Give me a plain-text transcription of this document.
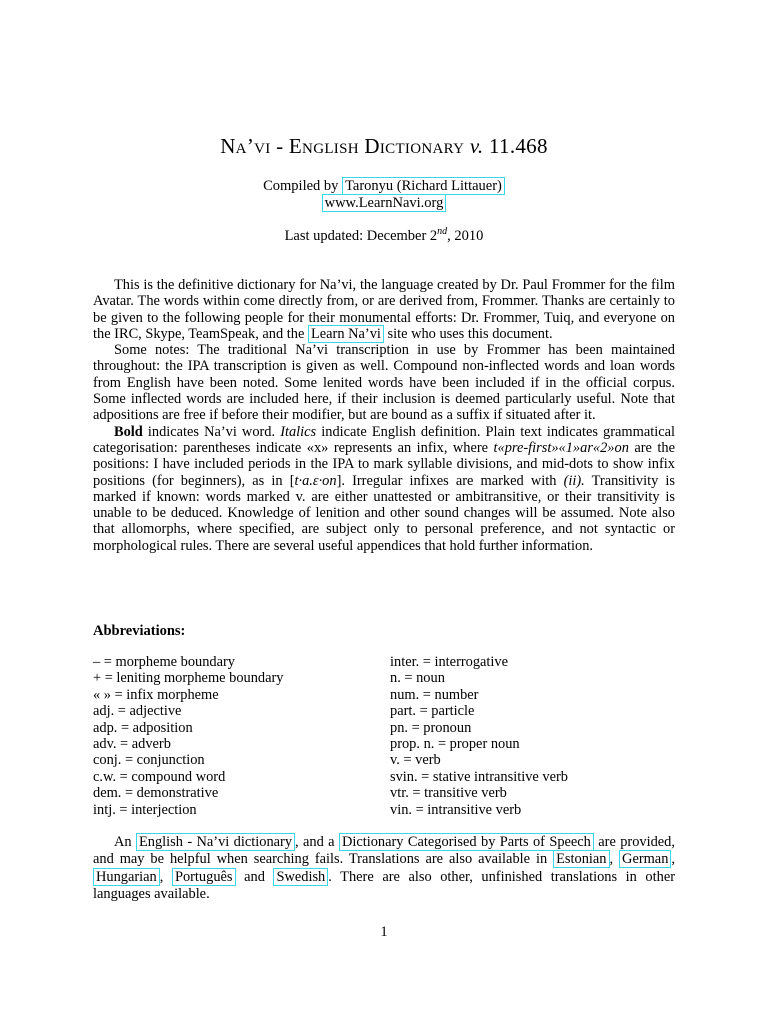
Na’vi - English Dictionary v. 11.468
Compiled by Taronyu (Richard Littauer)
www.LearnNavi.org
Last updated: December 2nd, 2010

This is the definitive dictionary for Na’vi, the language created by Dr. Paul Frommer for the film Avatar. The words within come directly from, or are derived from, Frommer. Thanks are certainly to be given to the following people for their monumental efforts: Dr. Frommer, Tuiq, and everyone on the IRC, Skype, TeamSpeak, and the Learn Na’vi site who uses this document.

Some notes: The traditional Na’vi transcription in use by Frommer has been maintained throughout: the IPA transcription is given as well. Compound non-inflected words and loan words from English have been noted. Some lenited words have been included if in the official corpus. Some inflected words are included here, if their inclusion is deemed particularly useful. Note that adpositions are free if before their modifier, but are bound as a suffix if situated after it.

Bold indicates Na’vi word. Italics indicate English definition. Plain text indicates grammatical categorisation: parentheses indicate «x» represents an infix, where t«pre-first»«1»ar«2»on are the positions: I have included periods in the IPA to mark syllable divisions, and mid-dots to show infix positions (for beginners), as in [t·a.ɛ·on]. Irregular infixes are marked with (ii). Transitivity is marked if known: words marked v. are either unattested or ambitransitive, or their transitivity is unable to be deduced. Knowledge of lenition and other sound changes will be assumed. Note also that allomorphs, where specified, are subject only to personal preference, and not syntactic or morphological rules. There are several useful appendices that hold further information.

Abbreviations:
– = morpheme boundary
+ = leniting morpheme boundary
« » = infix morpheme
adj. = adjective
adp. = adposition
adv. = adverb
conj. = conjunction
c.w. = compound word
dem. = demonstrative
intj. = interjection
inter. = interrogative
n. = noun
num. = number
part. = particle
pn. = pronoun
prop. n. = proper noun
v. = verb
svin. = stative intransitive verb
vtr. = transitive verb
vin. = intransitive verb

An English - Na’vi dictionary , and a Dictionary Categorised by Parts of Speech are provided, and may be helpful when searching fails. Translations are also available in Estonian , German , Hungarian , Português and Swedish . There are also other, unfinished translations in other languages available.

1
